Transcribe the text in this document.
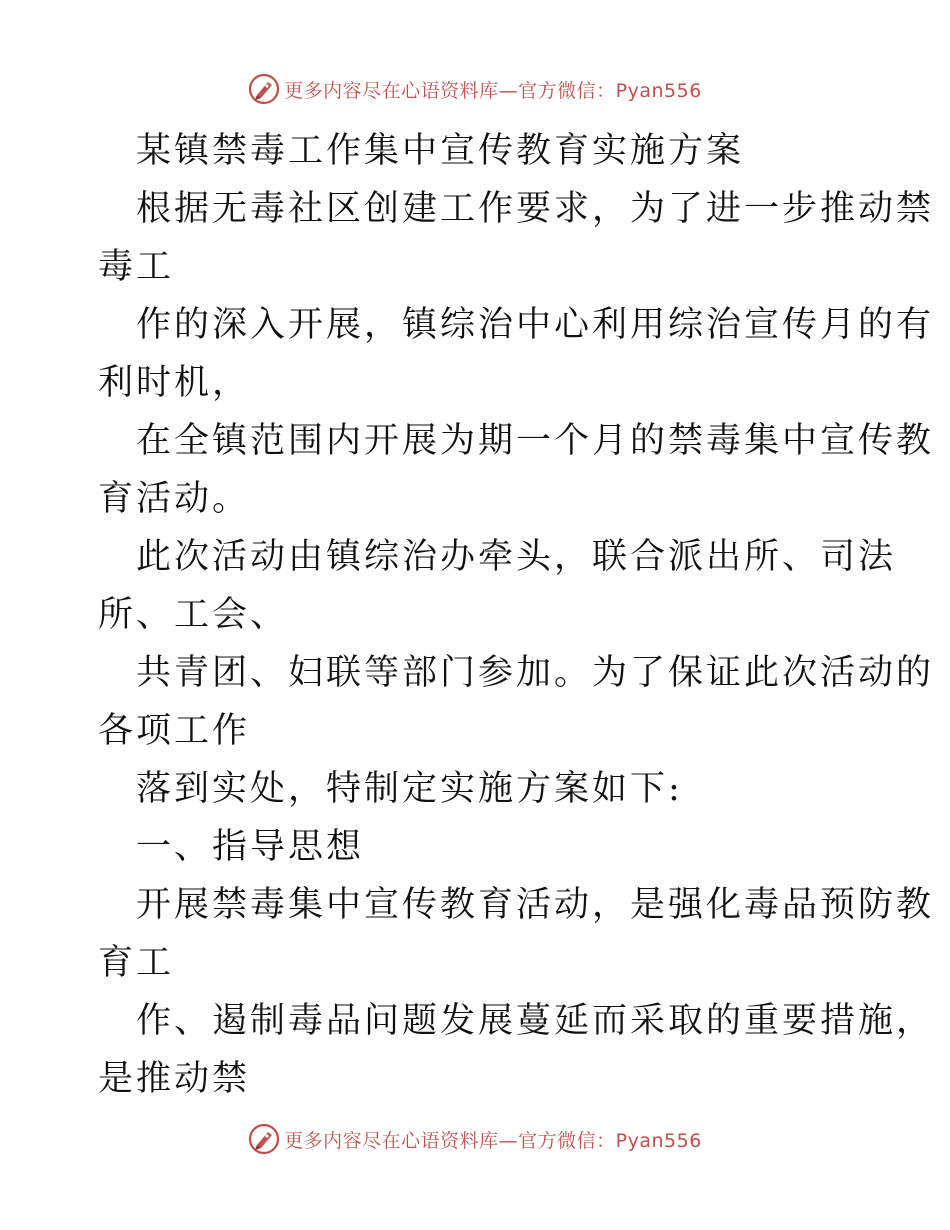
更多内容尽在心语资料库—官方微信：Pyan556
某镇禁毒工作集中宣传教育实施方案
根据无毒社区创建工作要求，为了进一步推动禁
毒工
作的深入开展，镇综治中心利用综治宣传月的有
利时机，
在全镇范围内开展为期一个月的禁毒集中宣传教
育活动。
此次活动由镇综治办牵头，联合派出所、司法
所、工会、
共青团、妇联等部门参加。为了保证此次活动的
各项工作
落到实处，特制定实施方案如下:
一、指导思想
开展禁毒集中宣传教育活动，是强化毒品预防教
育工
作、遏制毒品问题发展蔓延而采取的重要措施，
是推动禁
更多内容尽在心语资料库—官方微信：Pyan556
